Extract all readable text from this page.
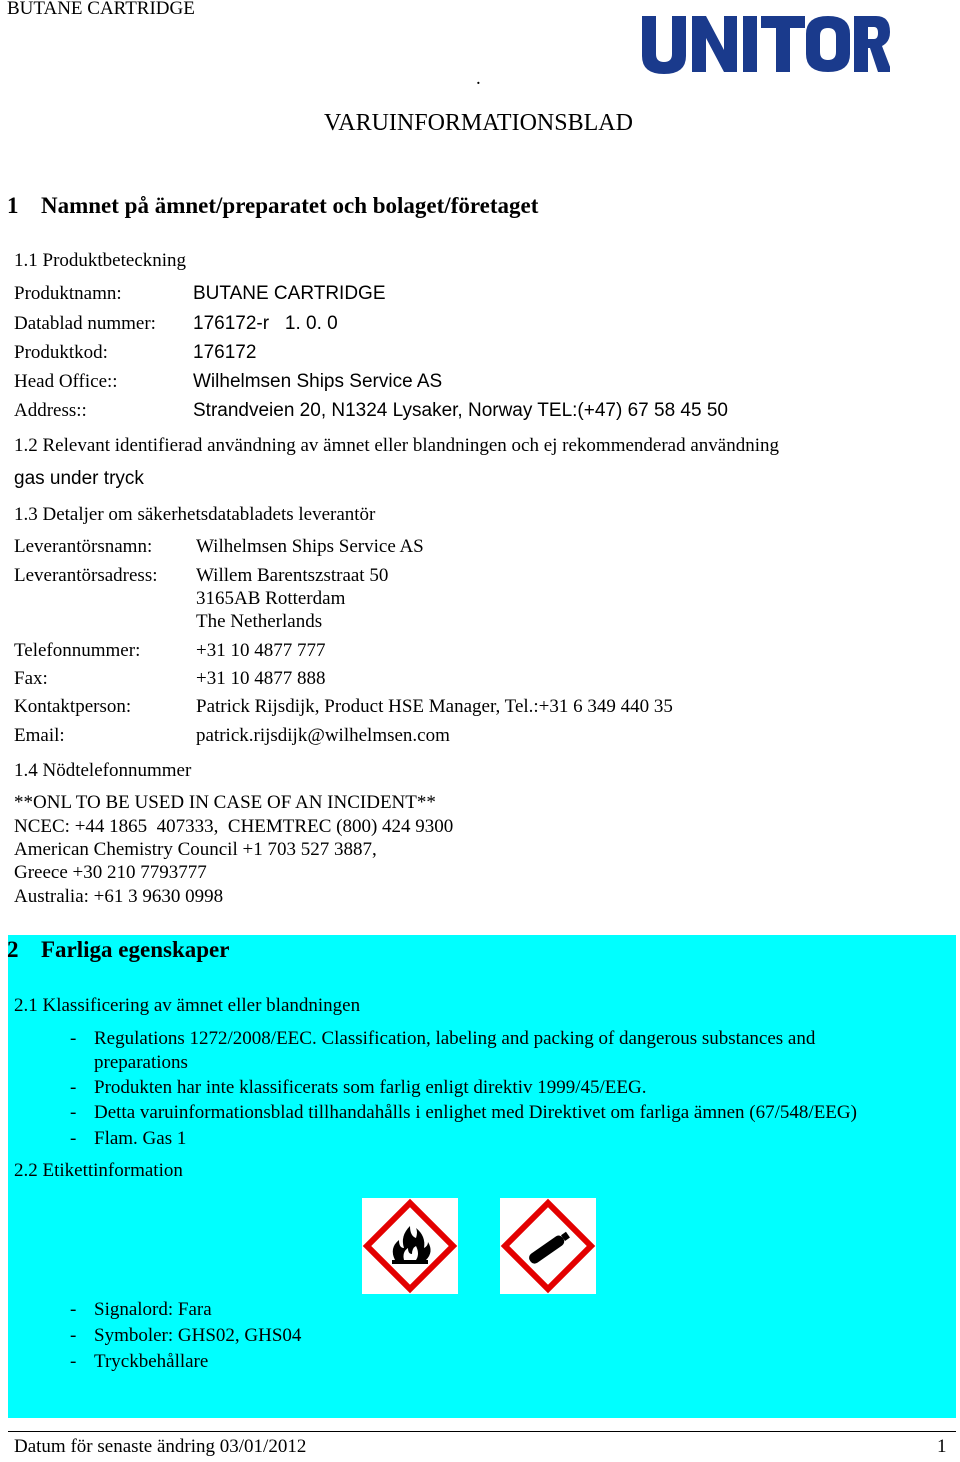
BUTANE CARTRIDGE
.
VARUINFORMATIONSBLAD
1 Namnet på ämnet/preparatet och bolaget/företaget
1.1 Produktbeteckning
Produktnamn:	BUTANE CARTRIDGE
Datablad nummer: 176172-r   1. 0. 0
Produktkod:	176172
Head Office::	Wilhelmsen Ships Service AS
Address::	Strandveien 20, N1324 Lysaker, Norway TEL:(+47) 67 58 45 50
1.2 Relevant identifierad användning av ämnet eller blandningen och ej rekommenderad användning
gas under tryck
1.3 Detaljer om säkerhetsdatabladets leverantör
Leverantörsnamn: Wilhelmsen Ships Service AS
Leverantörsadress: Willem Barentszstraat 50
3165AB Rotterdam
The Netherlands
Telefonnummer:	+31 10 4877 777
Fax:	+31 10 4877 888
Kontaktperson:	Patrick Rijsdijk, Product HSE Manager, Tel.:+31 6 349 440 35
Email:	patrick.rijsdijk@wilhelmsen.com
1.4 Nödtelefonnummer
**ONL TO BE USED IN CASE OF AN INCIDENT**
NCEC: +44 1865  407333,  CHEMTREC (800) 424 9300
American Chemistry Council +1 703 527 3887,
Greece +30 210 7793777
Australia: +61 3 9630 0998
2 Farliga egenskaper
2.1 Klassificering av ämnet eller blandningen
- Regulations 1272/2008/EEC. Classification, labeling and packing of dangerous substances and
preparations
- Produkten har inte klassificerats som farlig enligt direktiv 1999/45/EEG.
- Detta varuinformationsblad tillhandahålls i enlighet med Direktivet om farliga ämnen (67/548/EEG)
- Flam. Gas 1
2.2 Etikettinformation
- Signalord: Fara
- Symboler: GHS02, GHS04
- Tryckbehållare
Datum för senaste ändring 03/01/2012	1
